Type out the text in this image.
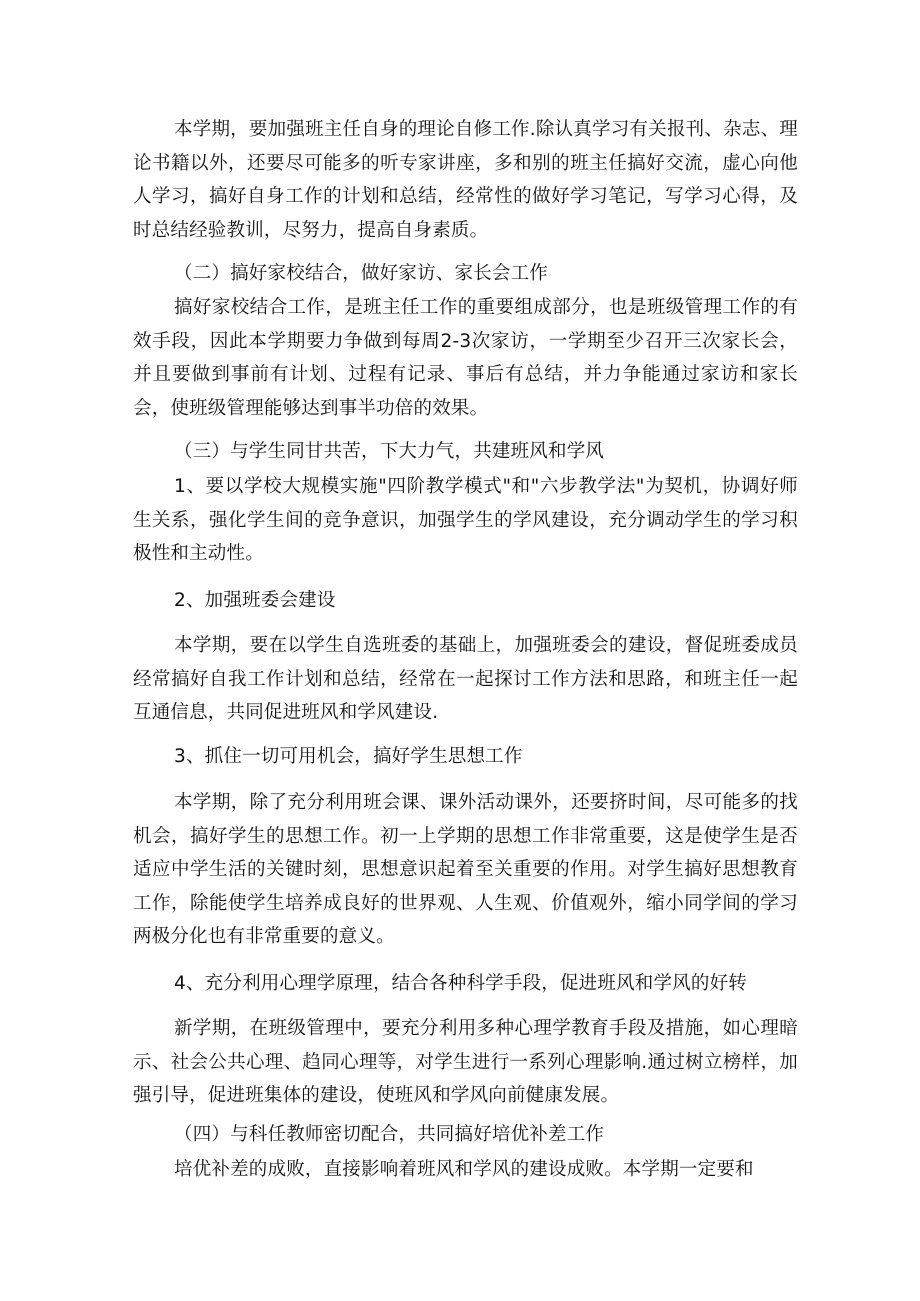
本学期，要加强班主任自身的理论自修工作.除认真学习有关报刊、杂志、理论书籍以外，还要尽可能多的听专家讲座，多和别的班主任搞好交流，虚心向他人学习，搞好自身工作的计划和总结，经常性的做好学习笔记，写学习心得，及时总结经验教训，尽努力，提高自身素质。

（二）搞好家校结合，做好家访、家长会工作

搞好家校结合工作，是班主任工作的重要组成部分，也是班级管理工作的有效手段，因此本学期要力争做到每周2-3次家访，一学期至少召开三次家长会，并且要做到事前有计划、过程有记录、事后有总结，并力争能通过家访和家长会，使班级管理能够达到事半功倍的效果。

（三）与学生同甘共苦，下大力气，共建班风和学风

1、要以学校大规模实施"四阶教学模式"和"六步教学法"为契机，协调好师生关系，强化学生间的竞争意识，加强学生的学风建设，充分调动学生的学习积极性和主动性。

2、加强班委会建设

本学期，要在以学生自选班委的基础上，加强班委会的建设，督促班委成员经常搞好自我工作计划和总结，经常在一起探讨工作方法和思路，和班主任一起互通信息，共同促进班风和学风建设.

3、抓住一切可用机会，搞好学生思想工作

本学期，除了充分利用班会课、课外活动课外，还要挤时间，尽可能多的找机会，搞好学生的思想工作。初一上学期的思想工作非常重要，这是使学生是否适应中学生活的关键时刻，思想意识起着至关重要的作用。对学生搞好思想教育工作，除能使学生培养成良好的世界观、人生观、价值观外，缩小同学间的学习两极分化也有非常重要的意义。

4、充分利用心理学原理，结合各种科学手段，促进班风和学风的好转

新学期，在班级管理中，要充分利用多种心理学教育手段及措施，如心理暗示、社会公共心理、趋同心理等，对学生进行一系列心理影响.通过树立榜样，加强引导，促进班集体的建设，使班风和学风向前健康发展。

（四）与科任教师密切配合，共同搞好培优补差工作

培优补差的成败，直接影响着班风和学风的建设成败。本学期一定要和
